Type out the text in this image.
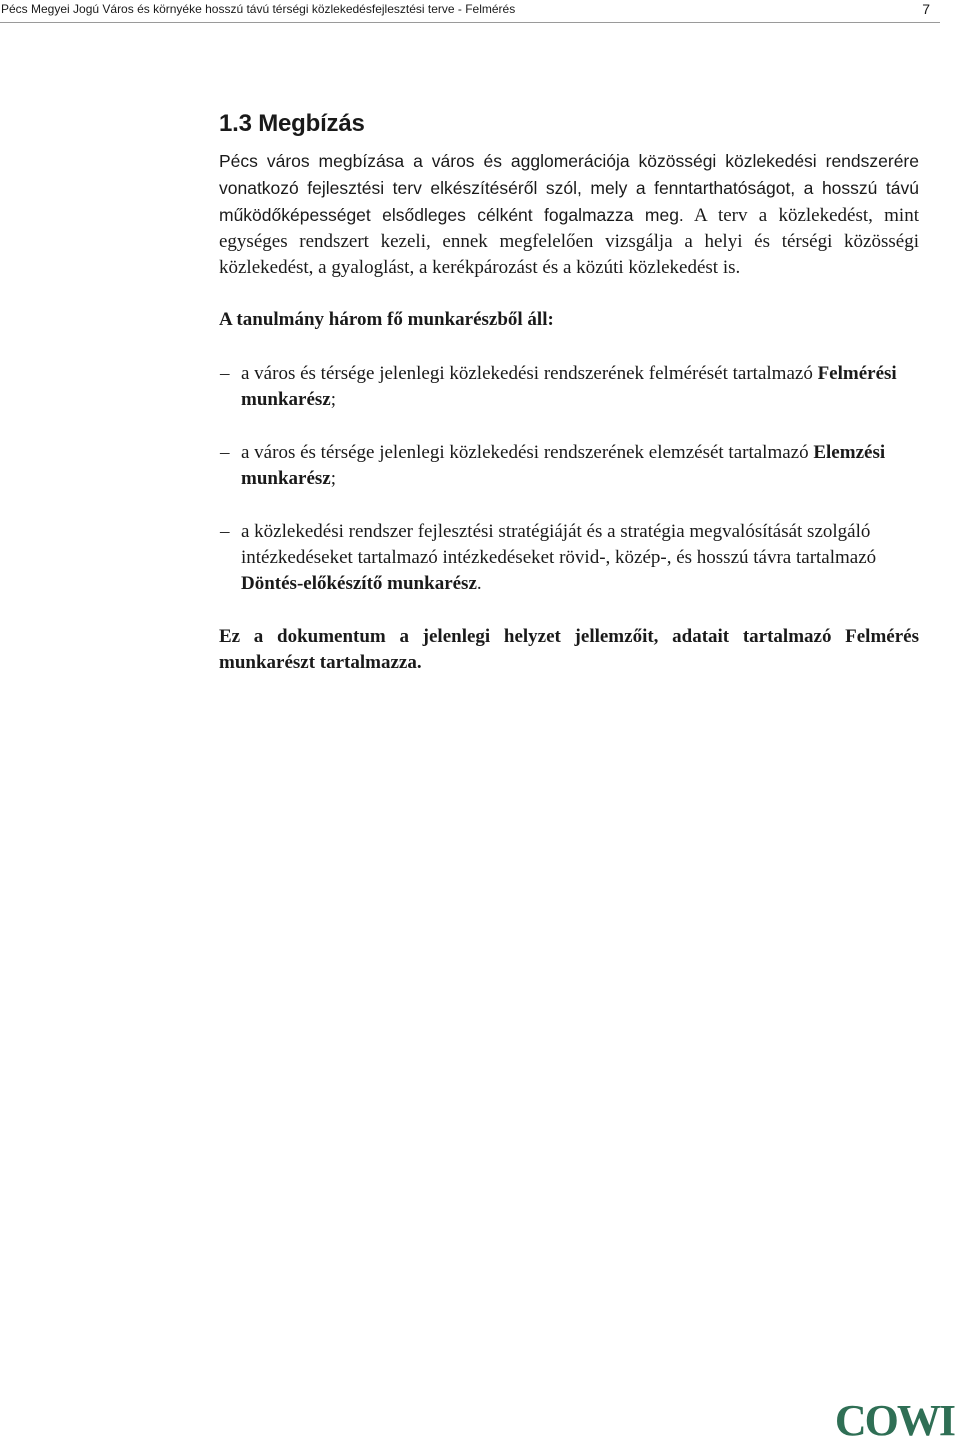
Pécs Megyei Jogú Város és környéke hosszú távú térségi közlekedésfejlesztési terve - Felmérés	7
1.3 Megbízás

Pécs város megbízása a város és agglomerációja közösségi közlekedési rendszerére vonatkozó fejlesztési terv elkészítéséről szól, mely a fenntarthatóságot, a hosszú távú működőképességet elsődleges célként fogalmazza meg. A terv a közlekedést, mint egységes rendszert kezeli, ennek megfelelően vizsgálja a helyi és térségi közösségi közlekedést, a gyaloglást, a kerékpározást és a közúti közlekedést is.

A tanulmány három fő munkarészből áll:

– a város és térsége jelenlegi közlekedési rendszerének felmérését tartalmazó Felmérési munkarész;
– a város és térsége jelenlegi közlekedési rendszerének elemzését tartalmazó Elemzési munkarész;
– a közlekedési rendszer fejlesztési stratégiáját és a stratégia megvalósítását szolgáló intézkedéseket tartalmazó intézkedéseket rövid-, közép-, és hosszú távra tartalmazó Döntés-előkészítő munkarész.

Ez a dokumentum a jelenlegi helyzet jellemzőit, adatait tartalmazó Felmérés munkarészt tartalmazza.

COWI
